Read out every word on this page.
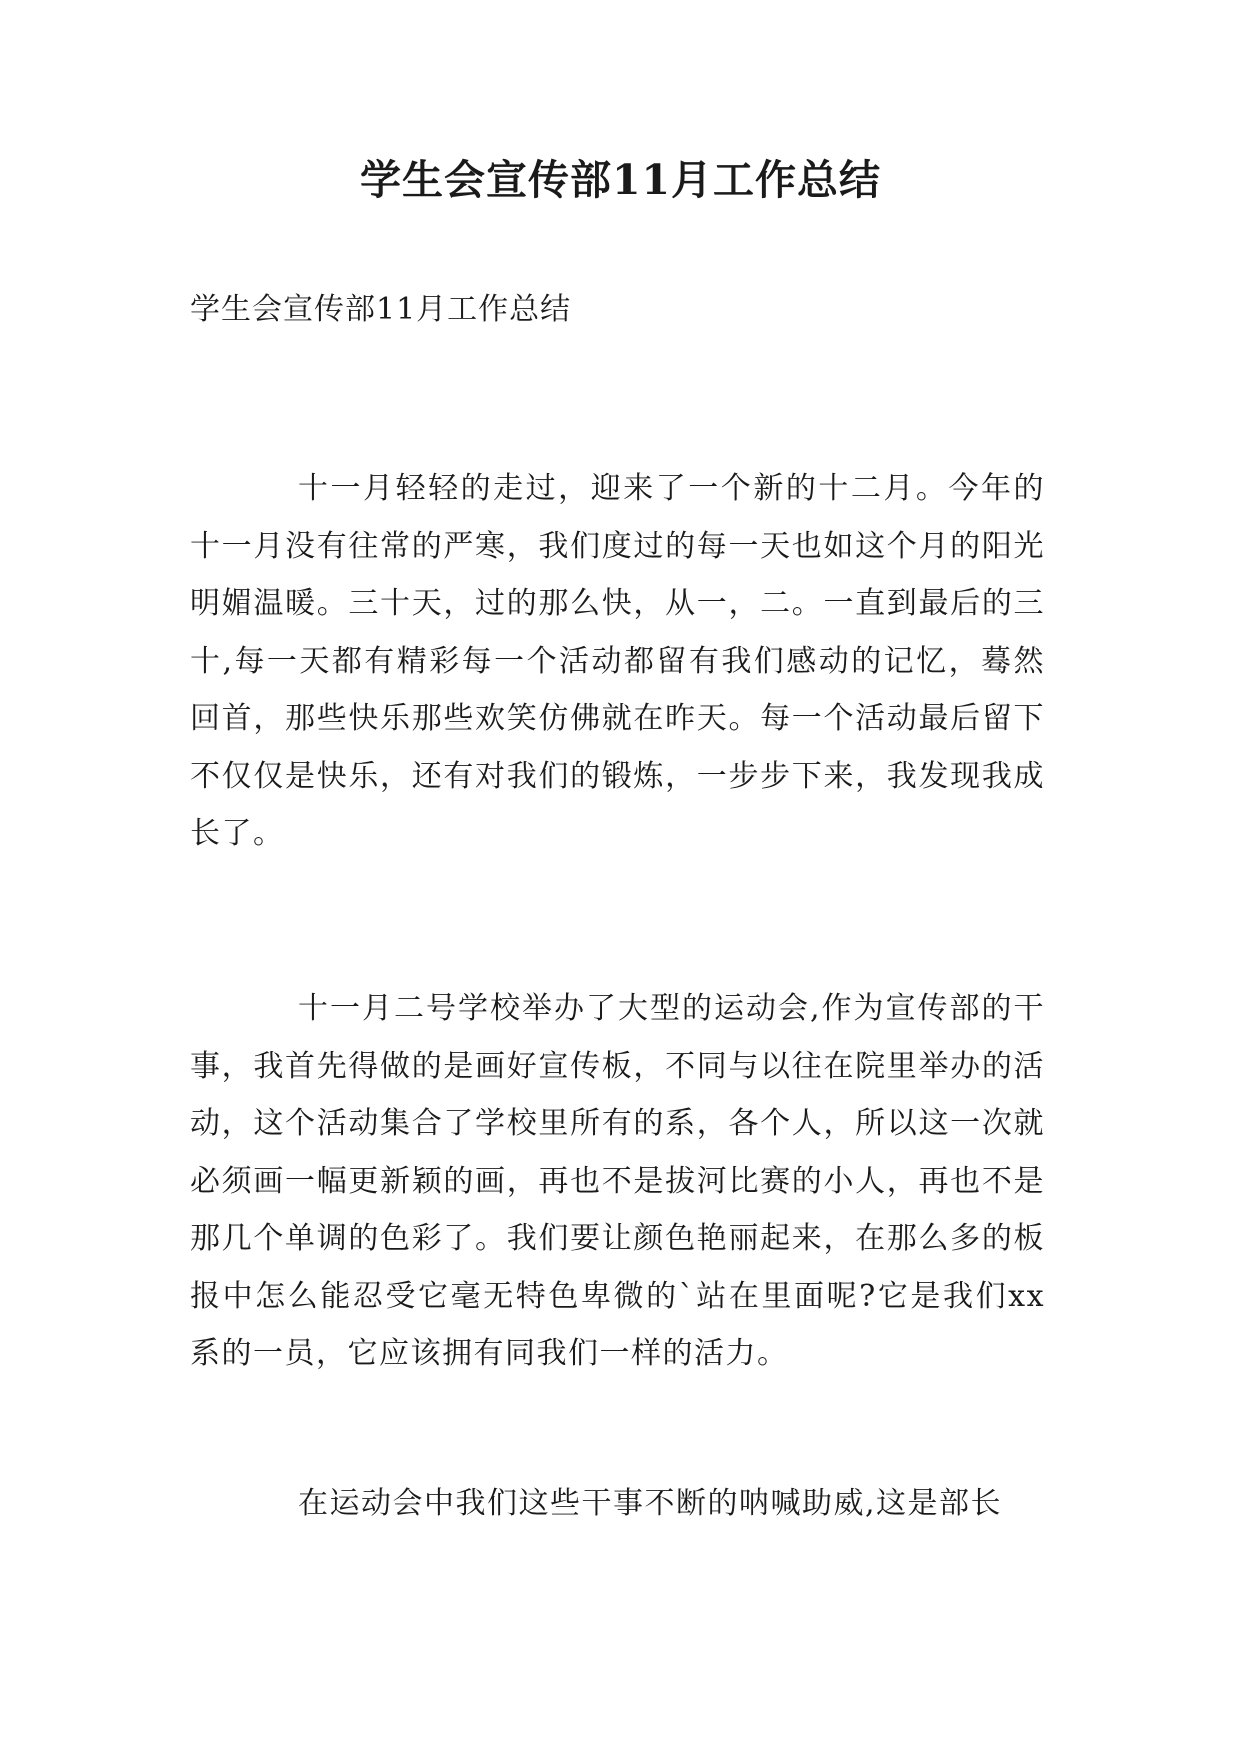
学生会宣传部11月工作总结

学生会宣传部11月工作总结

十一月轻轻的走过，迎来了一个新的十二月。今年的十一月没有往常的严寒，我们度过的每一天也如这个月的阳光明媚温暖。三十天，过的那么快，从一，二。一直到最后的三十,每一天都有精彩每一个活动都留有我们感动的记忆，蓦然回首，那些快乐那些欢笑仿佛就在昨天。每一个活动最后留下不仅仅是快乐，还有对我们的锻炼，一步步下来，我发现我成长了。

十一月二号学校举办了大型的运动会,作为宣传部的干事，我首先得做的是画好宣传板，不同与以往在院里举办的活动，这个活动集合了学校里所有的系，各个人，所以这一次就必须画一幅更新颖的画，再也不是拔河比赛的小人，再也不是那几个单调的色彩了。我们要让颜色艳丽起来，在那么多的板报中怎么能忍受它毫无特色卑微的`站在里面呢?它是我们xx系的一员，它应该拥有同我们一样的活力。

在运动会中我们这些干事不断的呐喊助威,这是部长
